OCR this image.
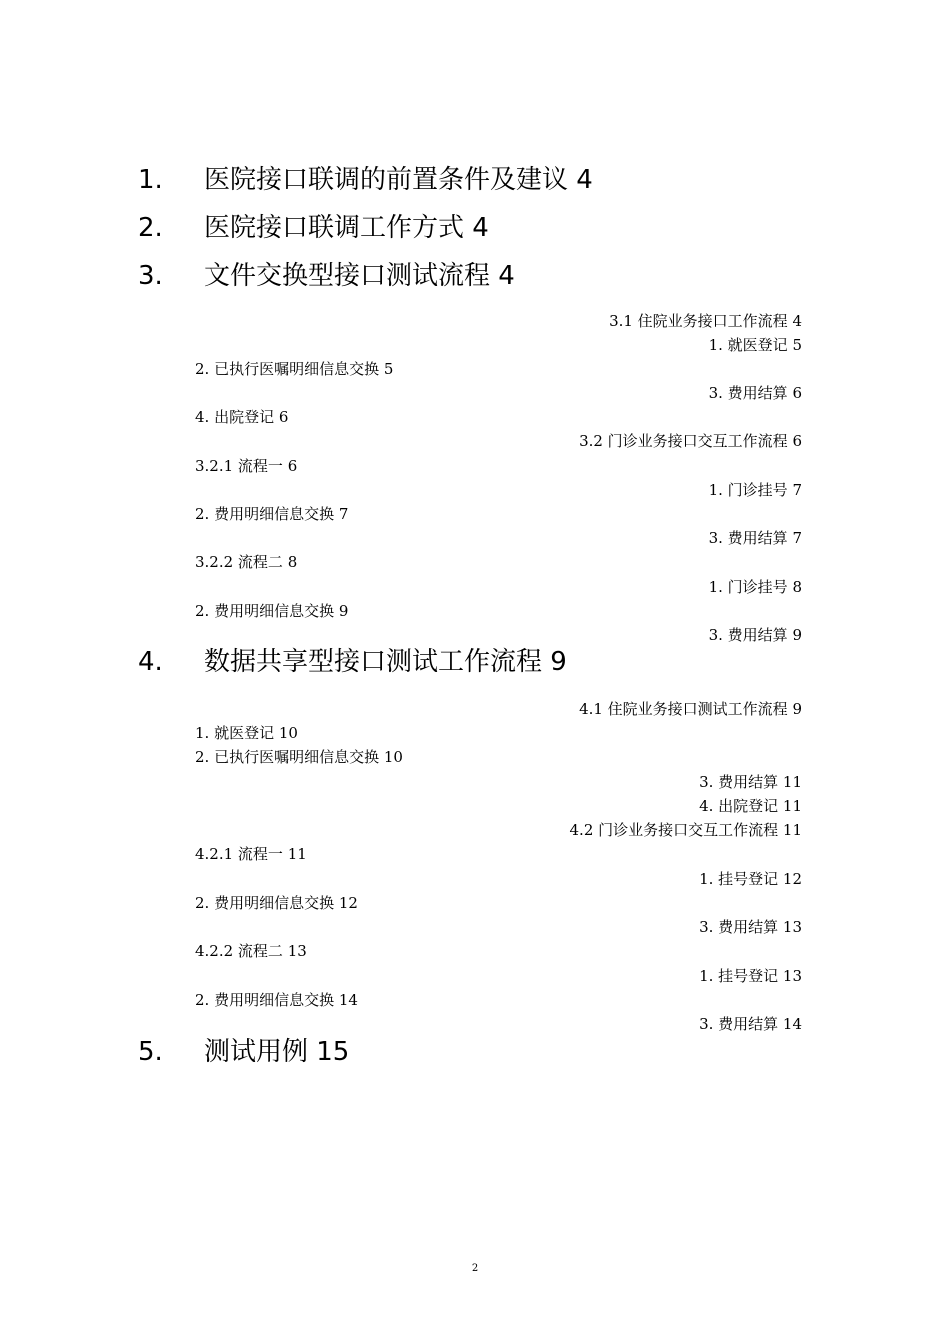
1. 医院接口联调的前置条件及建议 4
2. 医院接口联调工作方式 4
3. 文件交换型接口测试流程 4
3.1 住院业务接口工作流程 4
1. 就医登记 5
2. 已执行医嘱明细信息交换 5
3. 费用结算 6
4. 出院登记 6
3.2 门诊业务接口交互工作流程 6
3.2.1 流程一 6
1. 门诊挂号 7
2. 费用明细信息交换 7
3. 费用结算 7
3.2.2 流程二 8
1. 门诊挂号 8
2. 费用明细信息交换 9
3. 费用结算 9
4. 数据共享型接口测试工作流程 9
4.1 住院业务接口测试工作流程 9
1. 就医登记 10
2. 已执行医嘱明细信息交换 10
3. 费用结算 11
4. 出院登记 11
4.2 门诊业务接口交互工作流程 11
4.2.1 流程一 11
1. 挂号登记 12
2. 费用明细信息交换 12
3. 费用结算 13
4.2.2 流程二 13
1. 挂号登记 13
2. 费用明细信息交换 14
3. 费用结算 14
5. 测试用例 15
2
